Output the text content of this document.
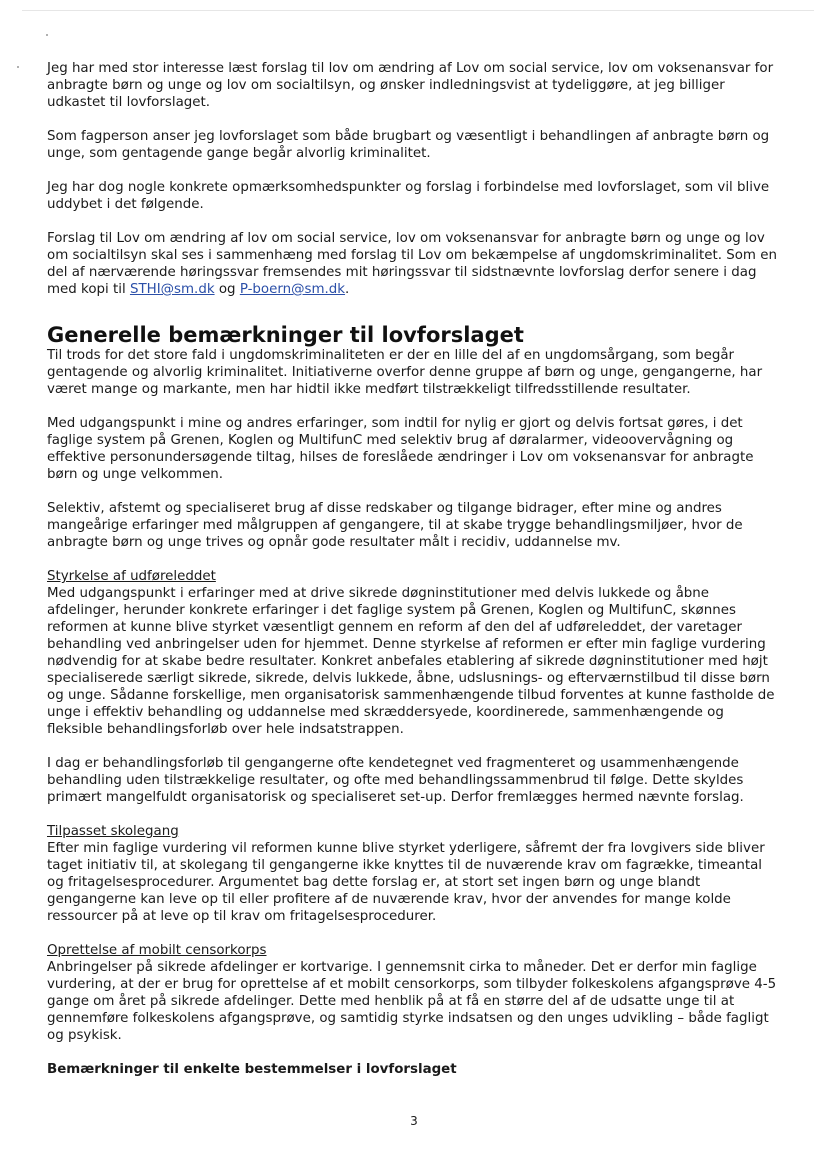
Jeg har med stor interesse læst forslag til lov om ændring af Lov om social service, lov om voksenansvar for anbragte børn og unge og lov om socialtilsyn, og ønsker indledningsvist at tydeliggøre, at jeg billiger udkastet til lovforslaget.

Som fagperson anser jeg lovforslaget som både brugbart og væsentligt i behandlingen af anbragte børn og unge, som gentagende gange begår alvorlig kriminalitet.

Jeg har dog nogle konkrete opmærksomhedspunkter og forslag i forbindelse med lovforslaget, som vil blive uddybet i det følgende.

Forslag til Lov om ændring af lov om social service, lov om voksenansvar for anbragte børn og unge og lov om socialtilsyn skal ses i sammenhæng med forslag til Lov om bekæmpelse af ungdomskriminalitet. Som en del af nærværende høringssvar fremsendes mit høringssvar til sidstnævnte lovforslag derfor senere i dag med kopi til STHI@sm.dk og P-boern@sm.dk.

Generelle bemærkninger til lovforslaget

Til trods for det store fald i ungdomskriminaliteten er der en lille del af en ungdomsårgang, som begår gentagende og alvorlig kriminalitet. Initiativerne overfor denne gruppe af børn og unge, gengangerne, har været mange og markante, men har hidtil ikke medført tilstrækkeligt tilfredsstillende resultater.

Med udgangspunkt i mine og andres erfaringer, som indtil for nylig er gjort og delvis fortsat gøres, i det faglige system på Grenen, Koglen og MultifunC med selektiv brug af døralarmer, videoovervågning og effektive personundersøgende tiltag, hilses de foreslåede ændringer i Lov om voksenansvar for anbragte børn og unge velkommen.

Selektiv, afstemt og specialiseret brug af disse redskaber og tilgange bidrager, efter mine og andres mangeårige erfaringer med målgruppen af gengangere, til at skabe trygge behandlingsmiljøer, hvor de anbragte børn og unge trives og opnår gode resultater målt i recidiv, uddannelse mv.

Styrkelse af udføreleddet

Med udgangspunkt i erfaringer med at drive sikrede døgninstitutioner med delvis lukkede og åbne afdelinger, herunder konkrete erfaringer i det faglige system på Grenen, Koglen og MultifunC, skønnes reformen at kunne blive styrket væsentligt gennem en reform af den del af udføreleddet, der varetager behandling ved anbringelser uden for hjemmet. Denne styrkelse af reformen er efter min faglige vurdering nødvendig for at skabe bedre resultater. Konkret anbefales etablering af sikrede døgninstitutioner med højt specialiserede særligt sikrede, sikrede, delvis lukkede, åbne, udslusnings- og efterværnstilbud til disse børn og unge. Sådanne forskellige, men organisatorisk sammenhængende tilbud forventes at kunne fastholde de unge i effektiv behandling og uddannelse med skræddersyede, koordinerede, sammenhængende og fleksible behandlingsforløb over hele indsatstrappen.

I dag er behandlingsforløb til gengangerne ofte kendetegnet ved fragmenteret og usammenhængende behandling uden tilstrækkelige resultater, og ofte med behandlingssammenbrud til følge. Dette skyldes primært mangelfuldt organisatorisk og specialiseret set-up. Derfor fremlægges hermed nævnte forslag.

Tilpasset skolegang

Efter min faglige vurdering vil reformen kunne blive styrket yderligere, såfremt der fra lovgivers side bliver taget initiativ til, at skolegang til gengangerne ikke knyttes til de nuværende krav om fagrække, timeantal og fritagelsesprocedurer. Argumentet bag dette forslag er, at stort set ingen børn og unge blandt gengangerne kan leve op til eller profitere af de nuværende krav, hvor der anvendes for mange kolde ressourcer på at leve op til krav om fritagelsesprocedurer.

Oprettelse af mobilt censorkorps

Anbringelser på sikrede afdelinger er kortvarige. I gennemsnit cirka to måneder. Det er derfor min faglige vurdering, at der er brug for oprettelse af et mobilt censorkorps, som tilbyder folkeskolens afgangsprøve 4-5 gange om året på sikrede afdelinger. Dette med henblik på at få en større del af de udsatte unge til at gennemføre folkeskolens afgangsprøve, og samtidig styrke indsatsen og den unges udvikling – både fagligt og psykisk.

Bemærkninger til enkelte bestemmelser i lovforslaget
3
